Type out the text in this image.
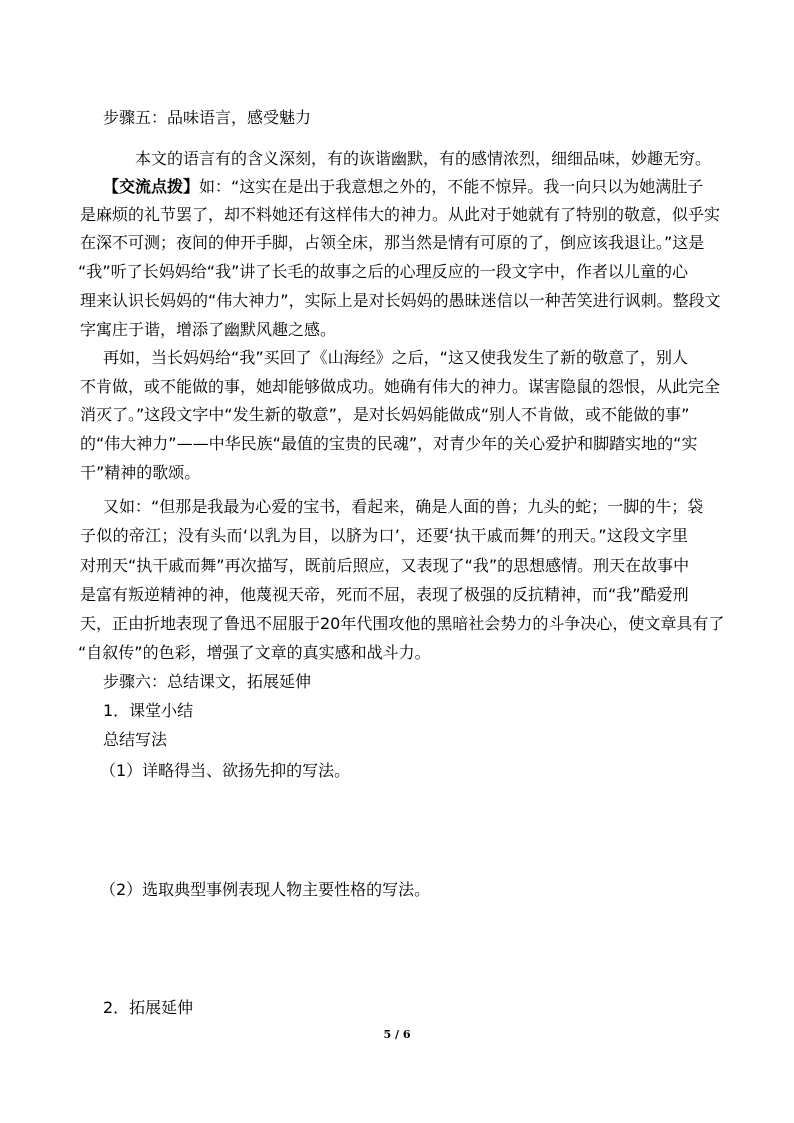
步骤五：品味语言，感受魅力

本文的语言有的含义深刻，有的诙谐幽默，有的感情浓烈，细细品味，妙趣无穷。

【交流点拨】如：“这实在是出于我意想之外的，不能不惊异。我一向只以为她满肚子

是麻烦的礼节罢了，却不料她还有这样伟大的神力。从此对于她就有了特别的敬意，似乎实

在深不可测；夜间的伸开手脚，占领全床，那当然是情有可原的了，倒应该我退让。”这是

“我”听了长妈妈给“我”讲了长毛的故事之后的心理反应的一段文字中，作者以儿童的心

理来认识长妈妈的“伟大神力”，实际上是对长妈妈的愚昧迷信以一种苦笑进行讽刺。整段文

字寓庄于谐，增添了幽默风趣之感。

再如，当长妈妈给“我”买回了《山海经》之后，“这又使我发生了新的敬意了，别人

不肯做，或不能做的事，她却能够做成功。她确有伟大的神力。谋害隐鼠的怨恨，从此完全

消灭了。”这段文字中“发生新的敬意”，是对长妈妈能做成“别人不肯做，或不能做的事”

的“伟大神力”——中华民族“最值的宝贵的民魂”，对青少年的关心爱护和脚踏实地的“实

干”精神的歌颂。

又如：“但那是我最为心爱的宝书，看起来，确是人面的兽；九头的蛇；一脚的牛；袋

子似的帝江；没有头而‘以乳为目，以脐为口’，还要‘执干戚而舞’的刑天。”这段文字里

对刑天“执干戚而舞”再次描写，既前后照应，又表现了“我”的思想感情。刑天在故事中

是富有叛逆精神的神，他蔑视天帝，死而不屈，表现了极强的反抗精神，而“我”酷爱刑

天，正由折地表现了鲁迅不屈服于20年代围攻他的黑暗社会势力的斗争决心，使文章具有了

“自叙传”的色彩，增强了文章的真实感和战斗力。

步骤六：总结课文，拓展延伸

1．课堂小结

总结写法

（1）详略得当、欲扬先抑的写法。

（2）选取典型事例表现人物主要性格的写法。

2．拓展延伸

5 / 6
